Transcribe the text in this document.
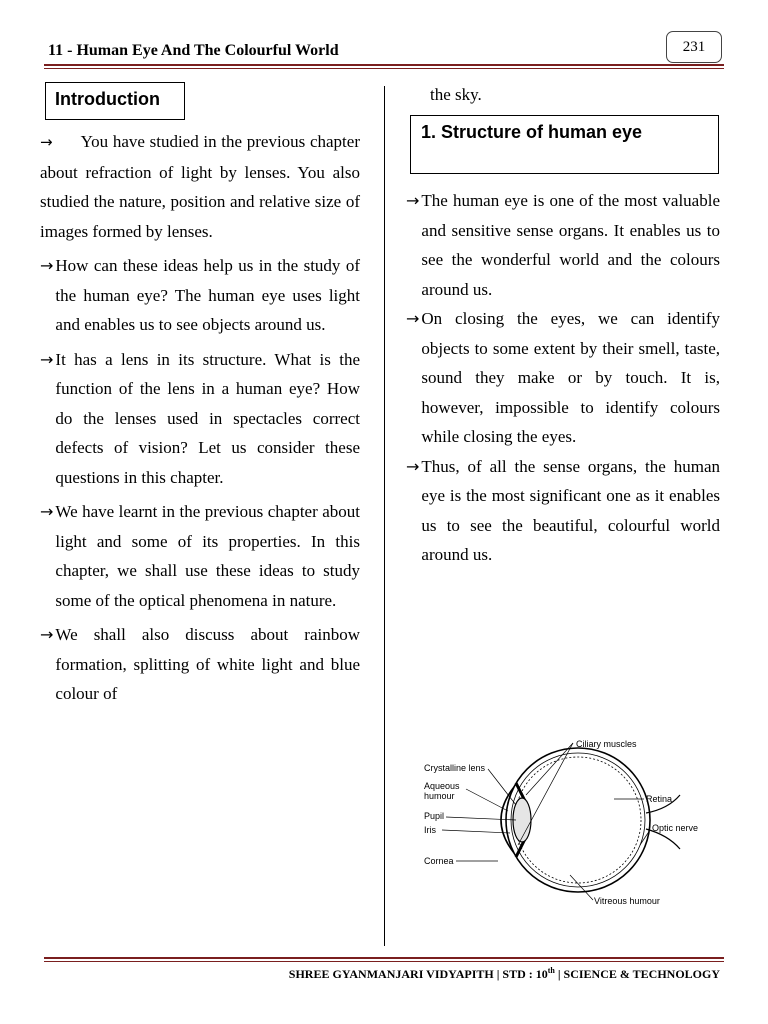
11 - Human Eye And The Colourful World	231
Introduction

→ You have studied in the previous chapter about refraction of light by lenses. You also studied the nature, position and relative size of images formed by lenses.

→ How can these ideas help us in the study of the human eye? The human eye uses light and enables us to see objects around us.
→ It has a lens in its structure. What is the function of the lens in a human eye? How do the lenses used in spectacles correct defects of vision? Let us consider these questions in this chapter.
→ We have learnt in the previous chapter about light and some of its properties. In this chapter, we shall use these ideas to study some of the optical phenomena in nature.
→ We shall also discuss about rainbow formation, splitting of white light and blue colour of
the sky.
1. Structure of human eye
→ The human eye is one of the most valuable and sensitive sense organs. It enables us to see the wonderful world and the colours around us.
→ On closing the eyes, we can identify objects to some extent by their smell, taste, sound they make or by touch. It is, however, impossible to identify colours while closing the eyes.
→ Thus, of all the sense organs, the human eye is the most significant one as it enables us to see the beautiful, colourful world around us.
Ciliary muscles
Crystalline lens
Aqueous
humour
Pupil
Iris
Cornea
Retina
Optic nerve
Vitreous humour
SHREE GYANMANJARI VIDYAPITH | STD : 10th | SCIENCE & TECHNOLOGY
